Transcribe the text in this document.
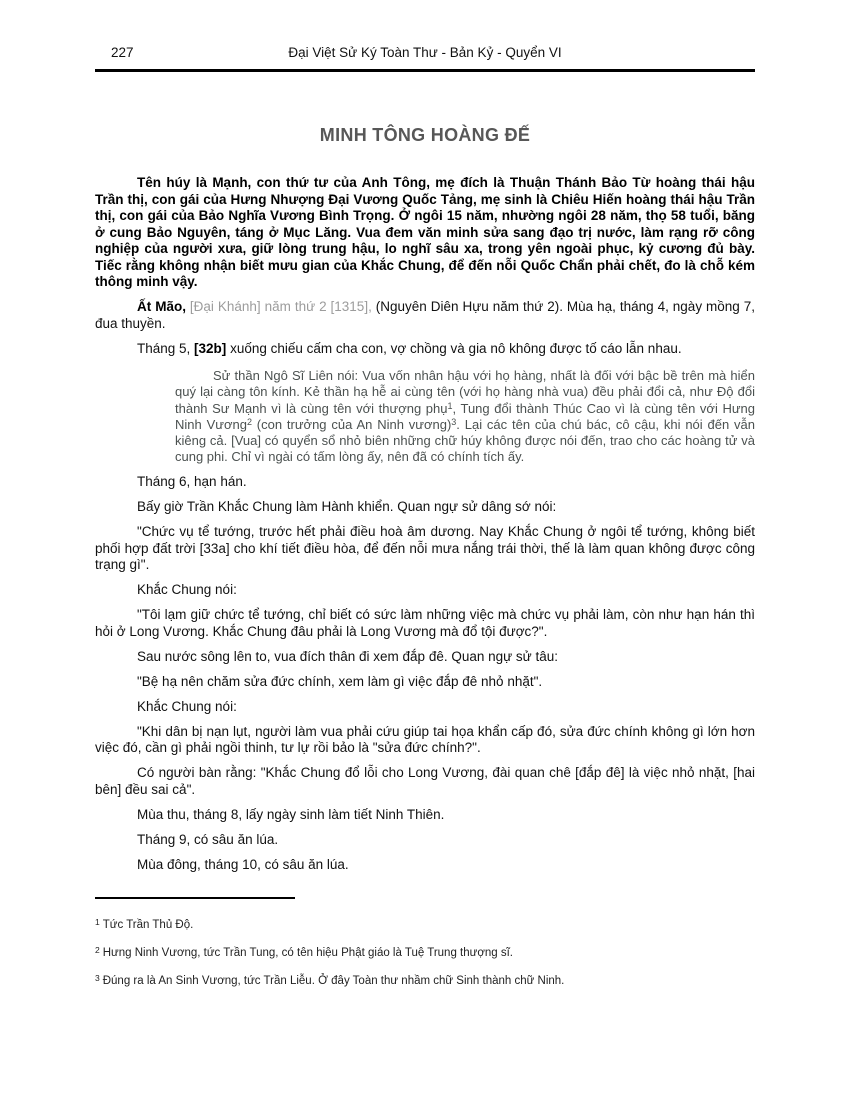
227	Đại Việt Sử Ký Toàn Thư - Bản Kỷ - Quyển VI
MINH TÔNG HOÀNG ĐẾ

Tên húy là Mạnh, con thứ tư của Anh Tông, mẹ đích là Thuận Thánh Bảo Từ hoàng thái hậu Trần thị, con gái của Hưng Nhượng Đại Vương Quốc Tảng, mẹ sinh là Chiêu Hiến hoàng thái hậu Trần thị, con gái của Bảo Nghĩa Vương Bình Trọng. Ở ngôi 15 năm, nhường ngôi 28 năm, thọ 58 tuổi, băng ở cung Bảo Nguyên, táng ở Mục Lăng. Vua đem văn minh sửa sang đạo trị nước, làm rạng rỡ công nghiệp của người xưa, giữ lòng trung hậu, lo nghĩ sâu xa, trong yên ngoài phục, kỷ cương đủ bày. Tiếc rằng không nhận biết mưu gian của Khắc Chung, để đến nỗi Quốc Chẩn phải chết, đo là chỗ kém thông minh vậy.

Ất Mão, [Đại Khánh] năm thứ 2 [1315], (Nguyên Diên Hựu năm thứ 2). Mùa hạ, tháng 4, ngày mồng 7, đua thuyền.

Tháng 5, [32b] xuống chiếu cấm cha con, vợ chồng và gia nô không được tố cáo lẫn nhau.

Sử thần Ngô Sĩ Liên nói: Vua vốn nhân hậu với họ hàng, nhất là đối với bậc bề trên mà hiển quý lại càng tôn kính. Kẻ thần hạ hễ ai cùng tên (với họ hàng nhà vua) đều phải đổi cả, như Độ đổi thành Sư Mạnh vì là cùng tên với thượng phụ$^1$, Tung đổi thành Thúc Cao vì là cùng tên với Hưng Ninh Vương$^2$ (con trưởng của An Ninh vương)$^3$. Lại các tên của chú bác, cô cậu, khi nói đến vẫn kiêng cả. [Vua] có quyển sổ nhỏ biên những chữ húy không được nói đến, trao cho các hoàng tử và cung phi. Chỉ vì ngài có tấm lòng ấy, nên đã có chính tích ấy.

Tháng 6, hạn hán.

Bấy giờ Trần Khắc Chung làm Hành khiển. Quan ngự sử dâng sớ nói:

"Chức vụ tể tướng, trước hết phải điều hoà âm dương. Nay Khắc Chung ở ngôi tể tướng, không biết phối hợp đất trời [33a] cho khí tiết điều hòa, để đến nỗi mưa nắng trái thời, thế là làm quan không được công trạng gì".

Khắc Chung nói:

"Tôi lạm giữ chức tể tướng, chỉ biết có sức làm những việc mà chức vụ phải làm, còn như hạn hán thì hỏi ở Long Vương. Khắc Chung đâu phải là Long Vương mà đổ tội được?".

Sau nước sông lên to, vua đích thân đi xem đắp đê. Quan ngự sử tâu:

"Bệ hạ nên chăm sửa đức chính, xem làm gì việc đắp đê nhỏ nhặt".

Khắc Chung nói:

"Khi dân bị nạn lụt, người làm vua phải cứu giúp tai họa khẩn cấp đó, sửa đức chính không gì lớn hơn việc đó, cần gì phải ngồi thinh, tư lự rồi bảo là "sửa đức chính?".

Có người bàn rằng: "Khắc Chung đổ lỗi cho Long Vương, đài quan chê [đắp đê] là việc nhỏ nhặt, [hai bên] đều sai cả".

Mùa thu, tháng 8, lấy ngày sinh làm tiết Ninh Thiên.

Tháng 9, có sâu ăn lúa.

Mùa đông, tháng 10, có sâu ăn lúa.

$^1$ Tức Trần Thủ Độ.

$^2$ Hưng Ninh Vương, tức Trần Tung, có tên hiệu Phật giáo là Tuệ Trung thượng sĩ.

$^3$ Đúng ra là An Sinh Vương, tức Trần Liễu. Ở đây Toàn thư nhầm chữ Sinh thành chữ Ninh.
